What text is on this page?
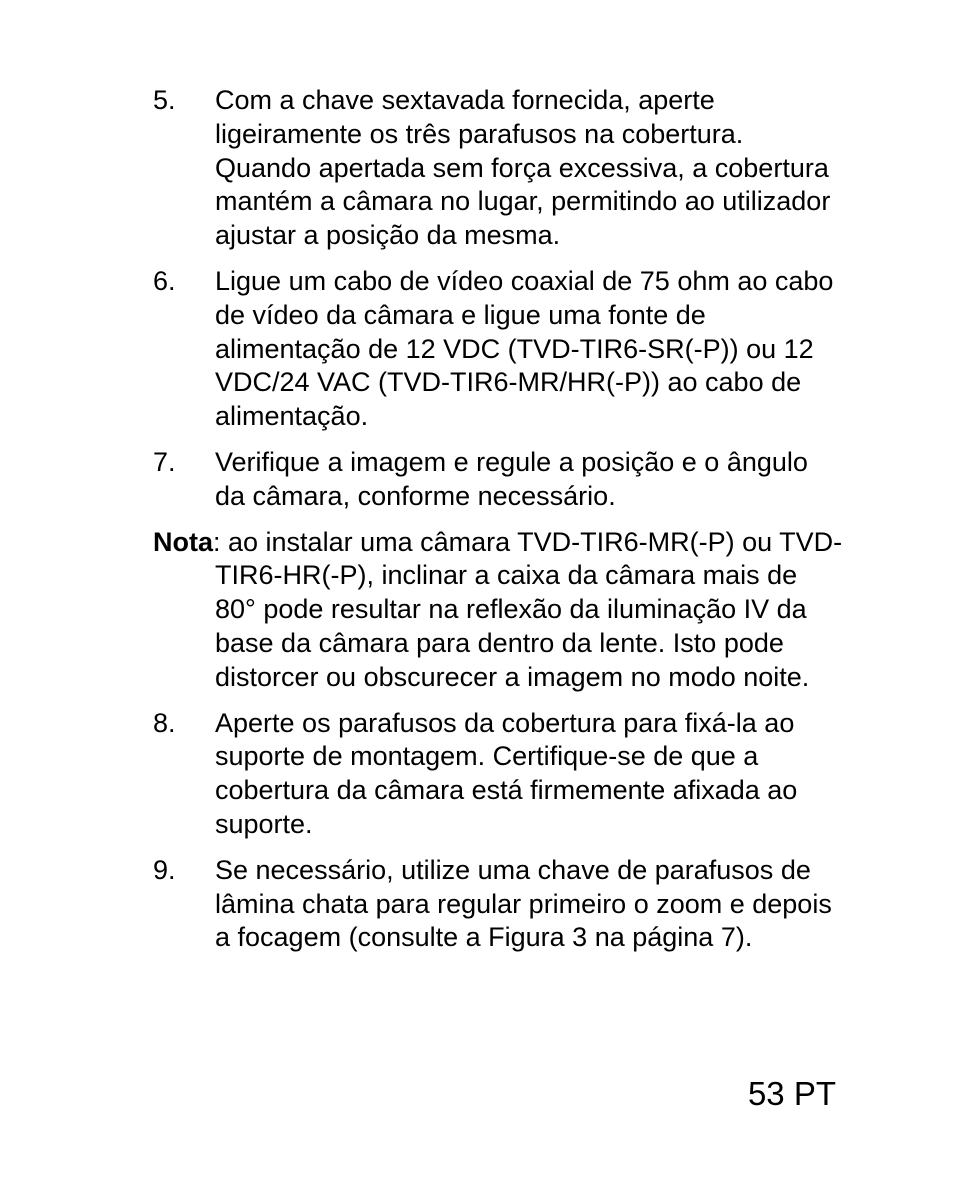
5.	Com a chave sextavada fornecida, aperte ligeiramente os três parafusos na cobertura. Quando apertada sem força excessiva, a cobertura mantém a câmara no lugar, permitindo ao utilizador ajustar a posição da mesma.
6.	Ligue um cabo de vídeo coaxial de 75 ohm ao cabo de vídeo da câmara e ligue uma fonte de alimentação de 12 VDC (TVD-TIR6-SR(-P)) ou 12 VDC/24 VAC (TVD-TIR6-MR/HR(-P)) ao cabo de alimentação.
7.	Verifique a imagem e regule a posição e o ângulo da câmara, conforme necessário.
Nota: ao instalar uma câmara TVD-TIR6-MR(-P) ou TVD-TIR6-HR(-P), inclinar a caixa da câmara mais de 80° pode resultar na reflexão da iluminação IV da base da câmara para dentro da lente. Isto pode distorcer ou obscurecer a imagem no modo noite.
8.	Aperte os parafusos da cobertura para fixá-la ao suporte de montagem. Certifique-se de que a cobertura da câmara está firmemente afixada ao suporte.
9.	Se necessário, utilize uma chave de parafusos de lâmina chata para regular primeiro o zoom e depois a focagem (consulte a Figura 3 na página 7).
53 PT
